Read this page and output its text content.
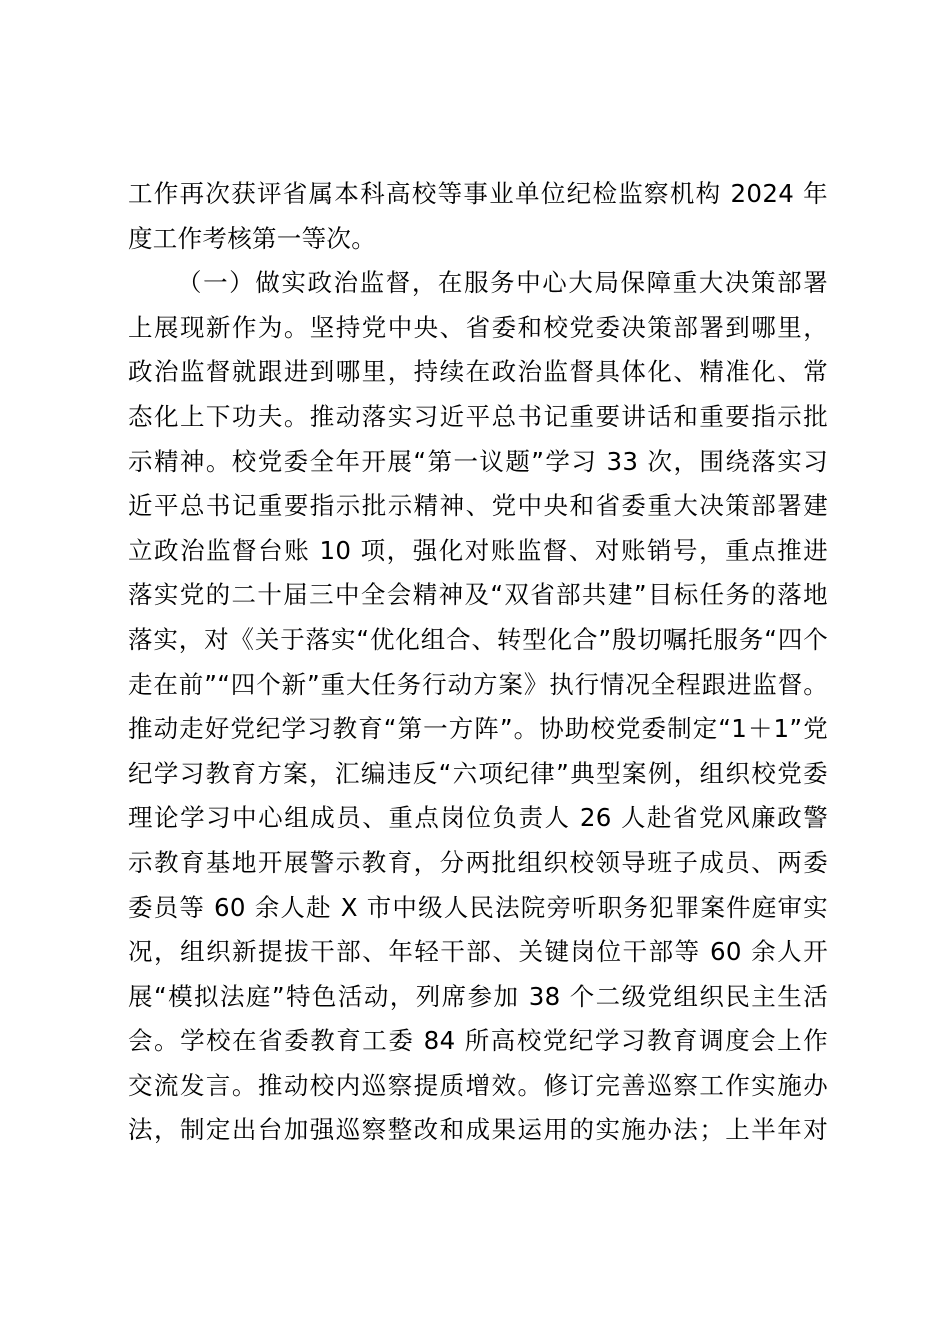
工作再次获评省属本科高校等事业单位纪检监察机构 2024 年
度工作考核第一等次。
（一）做实政治监督，在服务中心大局保障重大决策部署
上展现新作为。坚持党中央、省委和校党委决策部署到哪里，
政治监督就跟进到哪里，持续在政治监督具体化、精准化、常
态化上下功夫。推动落实习近平总书记重要讲话和重要指示批
示精神。校党委全年开展“第一议题”学习 33 次，围绕落实习
近平总书记重要指示批示精神、党中央和省委重大决策部署建
立政治监督台账 10 项，强化对账监督、对账销号，重点推进
落实党的二十届三中全会精神及“双省部共建”目标任务的落地
落实，对《关于落实“优化组合、转型化合”殷切嘱托服务“四个
走在前”“四个新”重大任务行动方案》执行情况全程跟进监督。
推动走好党纪学习教育“第一方阵”。协助校党委制定“1＋1”党
纪学习教育方案，汇编违反“六项纪律”典型案例，组织校党委
理论学习中心组成员、重点岗位负责人 26 人赴省党风廉政警
示教育基地开展警示教育，分两批组织校领导班子成员、两委
委员等 60 余人赴 X 市中级人民法院旁听职务犯罪案件庭审实
况，组织新提拔干部、年轻干部、关键岗位干部等 60 余人开
展“模拟法庭”特色活动，列席参加 38 个二级党组织民主生活
会。学校在省委教育工委 84 所高校党纪学习教育调度会上作
交流发言。推动校内巡察提质增效。修订完善巡察工作实施办
法，制定出台加强巡察整改和成果运用的实施办法；上半年对
